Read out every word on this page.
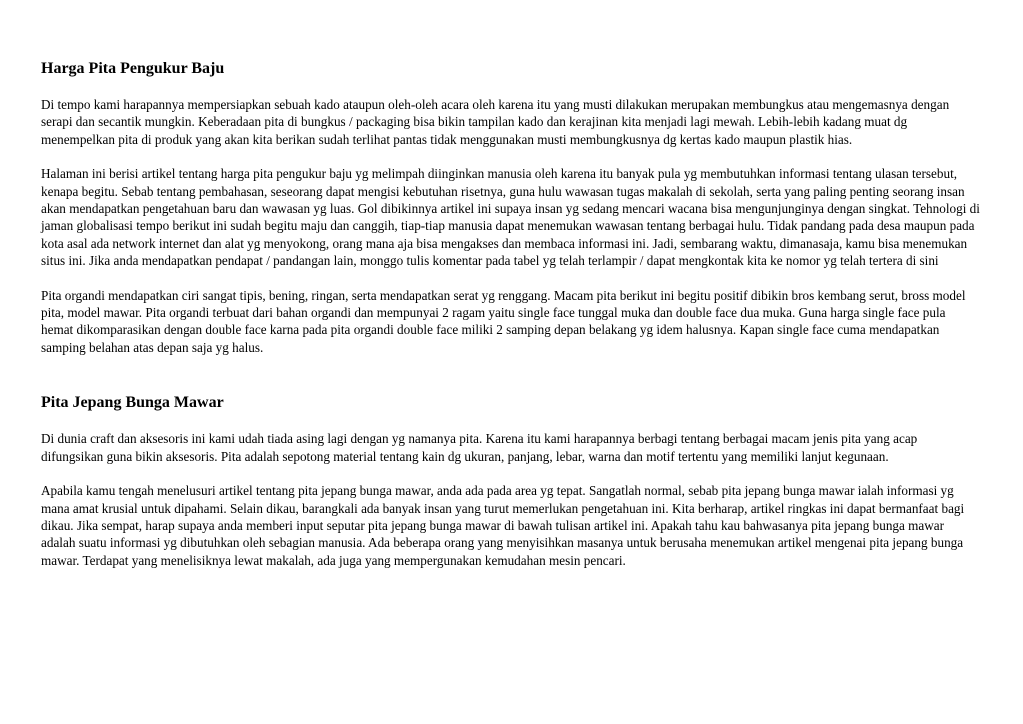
Harga Pita Pengukur Baju

Di tempo kami harapannya mempersiapkan sebuah kado ataupun oleh-oleh acara oleh karena itu yang musti dilakukan merupakan membungkus atau mengemasnya dengan serapi dan secantik mungkin. Keberadaan pita di bungkus / packaging bisa bikin tampilan kado dan kerajinan kita menjadi lagi mewah. Lebih-lebih kadang muat dg menempelkan pita di produk yang akan kita berikan sudah terlihat pantas tidak menggunakan musti membungkusnya dg kertas kado maupun plastik hias.

Halaman ini berisi artikel tentang harga pita pengukur baju yg melimpah diinginkan manusia oleh karena itu banyak pula yg membutuhkan informasi tentang ulasan tersebut, kenapa begitu. Sebab tentang pembahasan, seseorang dapat mengisi kebutuhan risetnya, guna hulu wawasan tugas makalah di sekolah, serta yang paling penting seorang insan akan mendapatkan pengetahuan baru dan wawasan yg luas. Gol dibikinnya artikel ini supaya insan yg sedang mencari wacana bisa mengunjunginya dengan singkat. Tehnologi di jaman globalisasi tempo berikut ini sudah begitu maju dan canggih, tiap-tiap manusia dapat menemukan wawasan tentang berbagai hulu. Tidak pandang pada desa maupun pada kota asal ada network internet dan alat yg menyokong, orang mana aja bisa mengakses dan membaca informasi ini. Jadi, sembarang waktu, dimanasaja, kamu bisa menemukan situs ini. Jika anda mendapatkan pendapat / pandangan lain, monggo tulis komentar pada tabel yg telah terlampir / dapat mengkontak kita ke nomor yg telah tertera di sini

Pita organdi mendapatkan ciri sangat tipis, bening, ringan, serta mendapatkan serat yg renggang. Macam pita berikut ini begitu positif dibikin bros kembang serut, bross model pita, model mawar. Pita organdi terbuat dari bahan organdi dan mempunyai 2 ragam yaitu single face tunggal muka dan double face dua muka. Guna harga single face pula hemat dikomparasikan dengan double face karna pada pita organdi double face miliki 2 samping depan belakang yg idem halusnya. Kapan single face cuma mendapatkan samping belahan atas depan saja yg halus.

Pita Jepang Bunga Mawar

Di dunia craft dan aksesoris ini kami udah tiada asing lagi dengan yg namanya pita. Karena itu kami harapannya berbagi tentang berbagai macam jenis pita yang acap difungsikan guna bikin aksesoris. Pita adalah sepotong material tentang kain dg ukuran, panjang, lebar, warna dan motif tertentu yang memiliki lanjut kegunaan.

Apabila kamu tengah menelusuri artikel tentang pita jepang bunga mawar, anda ada pada area yg tepat. Sangatlah normal, sebab pita jepang bunga mawar ialah informasi yg mana amat krusial untuk dipahami. Selain dikau, barangkali ada banyak insan yang turut memerlukan pengetahuan ini. Kita berharap, artikel ringkas ini dapat bermanfaat bagi dikau. Jika sempat, harap supaya anda memberi input seputar pita jepang bunga mawar di bawah tulisan artikel ini. Apakah tahu kau bahwasanya pita jepang bunga mawar adalah suatu informasi yg dibutuhkan oleh sebagian manusia. Ada beberapa orang yang menyisihkan masanya untuk berusaha menemukan artikel mengenai pita jepang bunga mawar. Terdapat yang menelisiknya lewat makalah, ada juga yang mempergunakan kemudahan mesin pencari.
